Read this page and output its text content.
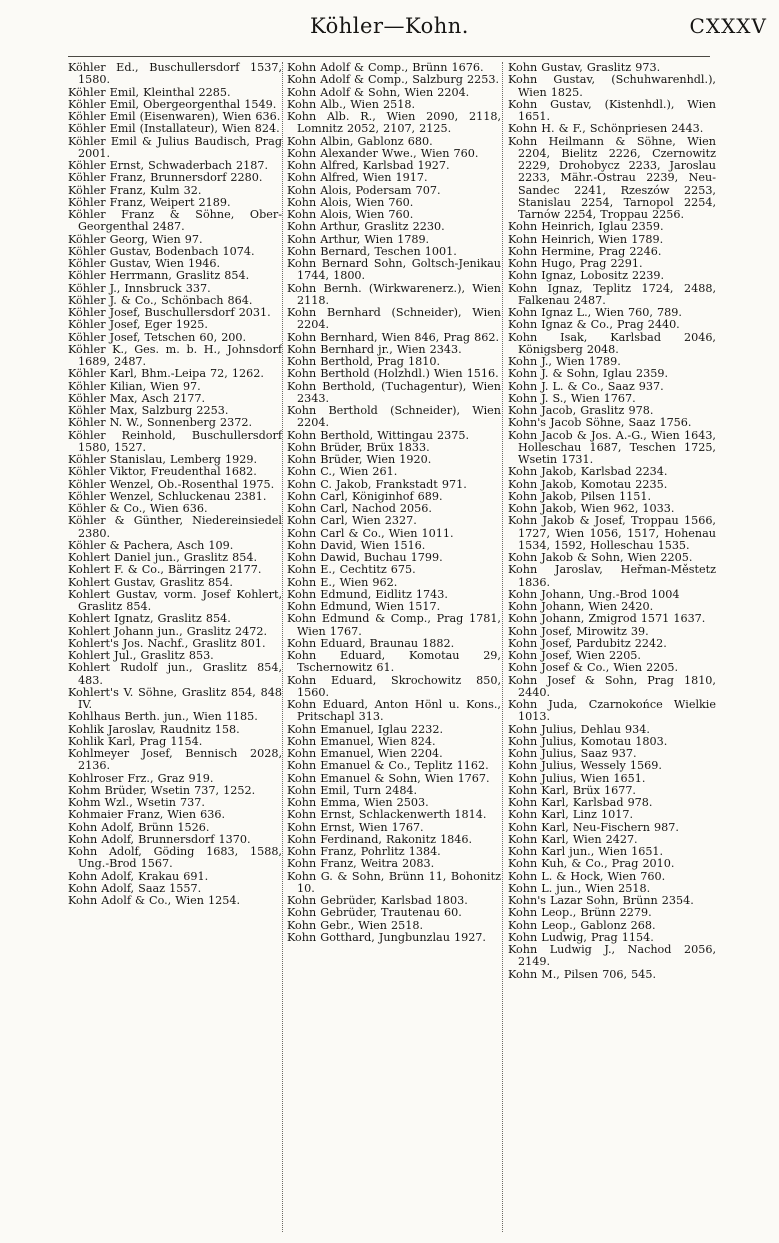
Köhler—Kohn.	CXXXV

Köhler Ed., Buschullersdorf 1537, 1580.

Köhler Emil, Kleinthal 2285.

Köhler Emil, Obergeorgenthal 1549.

Köhler Emil (Eisenwaren), Wien 636.

Köhler Emil (Installateur), Wien 824.

Köhler Emil & Julius Baudisch, Prag 2001.

Köhler Ernst, Schwaderbach 2187.

Köhler Franz, Brunnersdorf 2280.

Köhler Franz, Kulm 32.

Köhler Franz, Weipert 2189.

Köhler Franz & Söhne, Ober-Georgenthal 2487.

Köhler Georg, Wien 97.

Köhler Gustav, Bodenbach 1074.

Köhler Gustav, Wien 1946.

Köhler Herrmann, Graslitz 854.

Köhler J., Innsbruck 337.

Köhler J. & Co., Schönbach 864.

Köhler Josef, Buschullersdorf 2031.

Köhler Josef, Eger 1925.

Köhler Josef, Tetschen 60, 200.

Köhler K., Ges. m. b. H., Johnsdorf 1689, 2487.

Köhler Karl, Bhm.-Leipa 72, 1262.

Köhler Kilian, Wien 97.

Köhler Max, Asch 2177.

Köhler Max, Salzburg 2253.

Köhler N. W., Sonnenberg 2372.

Köhler Reinhold, Buschullersdorf 1580, 1527.

Köhler Stanislau, Lemberg 1929.

Köhler Viktor, Freudenthal 1682.

Köhler Wenzel, Ob.-Rosenthal 1975.

Köhler Wenzel, Schluckenau 2381.

Köhler & Co., Wien 636.

Köhler & Günther, Niedereinsiedel 2380.

Köhler & Pachera, Asch 109.

Kohlert Daniel jun., Graslitz 854.

Kohlert F. & Co., Bärringen 2177.

Kohlert Gustav, Graslitz 854.

Kohlert Gustav, vorm. Josef Kohlert, Graslitz 854.

Kohlert Ignatz, Graslitz 854.

Kohlert Johann jun., Graslitz 2472.

Kohlert's Jos. Nachf., Graslitz 801.

Kohlert Jul., Graslitz 853.

Kohlert Rudolf jun., Graslitz 854, 483.

Kohlert's V. Söhne, Graslitz 854, 848 IV.

Kohlhaus Berth. jun., Wien 1185.

Kohlik Jaroslav, Raudnitz 158.

Kohlik Karl, Prag 1154.

Kohlmeyer Josef, Bennisch 2028, 2136.

Kohlroser Frz., Graz 919.

Kohm Brüder, Wsetin 737, 1252.

Kohm Wzl., Wsetin 737.

Kohmaier Franz, Wien 636.

Kohn Adolf, Brünn 1526.

Kohn Adolf, Brunnersdorf 1370.

Kohn Adolf, Göding 1683, 1588, Ung.-Brod 1567.

Kohn Adolf, Krakau 691.

Kohn Adolf, Saaz 1557.

Kohn Adolf & Co., Wien 1254.

Kohn Adolf & Comp., Brünn 1676.

Kohn Adolf & Comp., Salzburg 2253.

Kohn Adolf & Sohn, Wien 2204.

Kohn Alb., Wien 2518.

Kohn Alb. R., Wien 2090, 2118, Lomnitz 2052, 2107, 2125.

Kohn Albin, Gablonz 680.

Kohn Alexander Wwe., Wien 760.

Kohn Alfred, Karlsbad 1927.

Kohn Alfred, Wien 1917.

Kohn Alois, Podersam 707.

Kohn Alois, Wien 760.

Kohn Alois, Wien 760.

Kohn Arthur, Graslitz 2230.

Kohn Arthur, Wien 1789.

Kohn Bernard, Teschen 1001.

Kohn Bernard Sohn, Goltsch-Jenikau 1744, 1800.

Kohn Bernh. (Wirkwarenerz.), Wien 2118.

Kohn Bernhard (Schneider), Wien 2204.

Kohn Bernhard, Wien 846, Prag 862.

Kohn Bernhard jr., Wien 2343.

Kohn Berthold, Prag 1810.

Kohn Berthold (Holzhdl.) Wien 1516.

Kohn Berthold, (Tuchagentur), Wien 2343.

Kohn Berthold (Schneider), Wien 2204.

Kohn Berthold, Wittingau 2375.

Kohn Brüder, Brüx 1833.

Kohn Brüder, Wien 1920.

Kohn C., Wien 261.

Kohn C. Jakob, Frankstadt 971.

Kohn Carl, Königinhof 689.

Kohn Carl, Nachod 2056.

Kohn Carl, Wien 2327.

Kohn Carl & Co., Wien 1011.

Kohn David, Wien 1516.

Kohn Dawid, Buchau 1799.

Kohn E., Cechtitz 675.

Kohn E., Wien 962.

Kohn Edmund, Eidlitz 1743.

Kohn Edmund, Wien 1517.

Kohn Edmund & Comp., Prag 1781, Wien 1767.

Kohn Eduard, Braunau 1882.

Kohn Eduard, Komotau 29, Tschernowitz 61.

Kohn Eduard, Skrochowitz 850, 1560.

Kohn Eduard, Anton Hönl u. Kons., Pritschapl 313.

Kohn Emanuel, Iglau 2232.

Kohn Emanuel, Wien 824.

Kohn Emanuel, Wien 2204.

Kohn Emanuel & Co., Teplitz 1162.

Kohn Emanuel & Sohn, Wien 1767.

Kohn Emil, Turn 2484.

Kohn Emma, Wien 2503.

Kohn Ernst, Schlackenwerth 1814.

Kohn Ernst, Wien 1767.

Kohn Ferdinand, Rakonitz 1846.

Kohn Franz, Pohrlitz 1384.

Kohn Franz, Weitra 2083.

Kohn G. & Sohn, Brünn 11, Bohonitz 10.

Kohn Gebrüder, Karlsbad 1803.

Kohn Gebrüder, Trautenau 60.

Kohn Gebr., Wien 2518.

Kohn Gotthard, Jungbunzlau 1927.

Kohn Gustav, Graslitz 973.

Kohn Gustav, (Schuhwarenhdl.), Wien 1825.

Kohn Gustav, (Kistenhdl.), Wien 1651.

Kohn H. & F., Schönpriesen 2443.

Kohn Heilmann & Söhne, Wien 2204, Bielitz 2226, Czernowitz 2229, Drohobycz 2233, Jaroslau 2233, Mähr.-Ostrau 2239, Neu-Sandec 2241, Rzeszów 2253, Stanislau 2254, Tarnopol 2254, Tarnów 2254, Troppau 2256.

Kohn Heinrich, Iglau 2359.

Kohn Heinrich, Wien 1789.

Kohn Hermine, Prag 2246.

Kohn Hugo, Prag 2291.

Kohn Ignaz, Lobositz 2239.

Kohn Ignaz, Teplitz 1724, 2488, Falkenau 2487.

Kohn Ignaz L., Wien 760, 789.

Kohn Ignaz & Co., Prag 2440.

Kohn Isak, Karlsbad 2046, Königsberg 2048.

Kohn J., Wien 1789.

Kohn J. & Sohn, Iglau 2359.

Kohn J. L. & Co., Saaz 937.

Kohn J. S., Wien 1767.

Kohn Jacob, Graslitz 978.

Kohn's Jacob Söhne, Saaz 1756.

Kohn Jacob & Jos. A.-G., Wien 1643, Holleschau 1687, Teschen 1725, Wsetin 1731.

Kohn Jakob, Karlsbad 2234.

Kohn Jakob, Komotau 2235.

Kohn Jakob, Pilsen 1151.

Kohn Jakob, Wien 962, 1033.

Kohn Jakob & Josef, Troppau 1566, 1727, Wien 1056, 1517, Hohenau 1534, 1592, Holleschau 1535.

Kohn Jakob & Sohn, Wien 2205.

Kohn Jaroslav, Heřman-Městetz 1836.

Kohn Johann, Ung.-Brod 1004

Kohn Johann, Wien 2420.

Kohn Johann, Zmigrod 1571 1637.

Kohn Josef, Mirowitz 39.

Kohn Josef, Pardubitz 2242.

Kohn Josef, Wien 2205.

Kohn Josef & Co., Wien 2205.

Kohn Josef & Sohn, Prag 1810, 2440.

Kohn Juda, Czarnokońce Wielkie 1013.

Kohn Julius, Dehlau 934.

Kohn Julius, Komotau 1803.

Kohn Julius, Saaz 937.

Kohn Julius, Wessely 1569.

Kohn Julius, Wien 1651.

Kohn Karl, Brüx 1677.

Kohn Karl, Karlsbad 978.

Kohn Karl, Linz 1017.

Kohn Karl, Neu-Fischern 987.

Kohn Karl, Wien 2427.

Kohn Karl jun., Wien 1651.

Kohn Kuh, & Co., Prag 2010.

Kohn L. & Hock, Wien 760.

Kohn L. jun., Wien 2518.

Kohn's Lazar Sohn, Brünn 2354.

Kohn Leop., Brünn 2279.

Kohn Leop., Gablonz 268.

Kohn Ludwig, Prag 1154.

Kohn Ludwig J., Nachod 2056, 2149.

Kohn M., Pilsen 706, 545.
